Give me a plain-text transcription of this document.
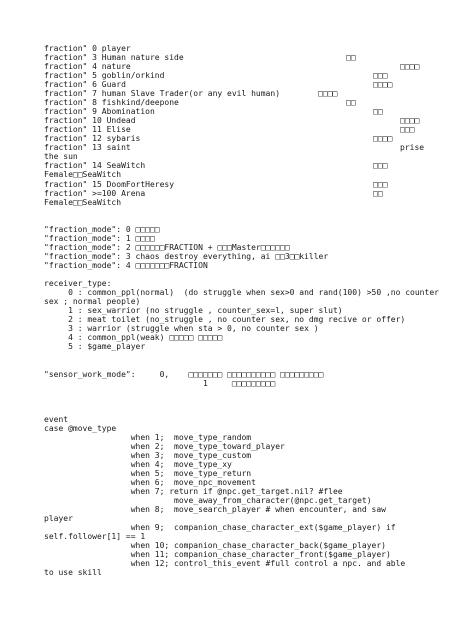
fraction" 0 player
fraction" 3 Human nature side	□□
fraction" 4 nature	□□□□
fraction" 5 goblin/orkind	□□□
fraction" 6 Guard	□□□□
fraction" 7 human Slave Trader(or any evil human)	□□□□
fraction" 8 fishkind/deepone	□□
fraction" 9 Abomination	□□
fraction" 10 Undead	□□□□
fraction" 11 Elise	□□□
fraction" 12 sybaris	□□□□
fraction" 13 saint	prise
the sun
fraction" 14 SeaWitch	□□□
Female□□SeaWitch
fraction" 15 DoomFortHeresy	□□□
fraction" >=100 Arena	□□
Female□□SeaWitch
"fraction_mode": 0 □□□□□
"fraction_mode": 1 □□□□
"fraction_mode": 2 □□□□□□FRACTION + □□□Master□□□□□□
"fraction_mode": 3 chaos destroy everything, ai □□3□□killer
"fraction_mode": 4 □□□□□□□FRACTION
receiver_type:
0 : common_ppl(normal)  (do struggle when sex>0 and rand(100) >50 ,no counter
sex ; normal people)
1 : sex_warrior (no struggle , counter_sex=l, super slut)
2 : meat toilet (no_struggle , no counter sex, no dmg recive or offer)
3 : warrior (struggle when sta > 0, no counter sex )
4 : common_ppl(weak) □□□□□ □□□□□
5 : $game_player
"sensor_work_mode":     0,    □□□□□□□ □□□□□□□□□□ □□□□□□□□□
1     □□□□□□□□□
event
case @move_type
when 1;  move_type_random
when 2;  move_type_toward_player
when 3;  move_type_custom
when 4;  move_type_xy
when 5;  move_type_return
when 6;  move_npc_movement
when 7; return if @npc.get_target.nil? #flee
move_away_from_character(@npc.get_target)
when 8;  move_search_player # when encounter, and saw
player
when 9;  companion_chase_character_ext($game_player) if
self.follower[1] == 1
when 10; companion_chase_character_back($game_player)
when 11; companion_chase_character_front($game_player)
when 12; control_this_event #full control a npc. and able
to use skill
